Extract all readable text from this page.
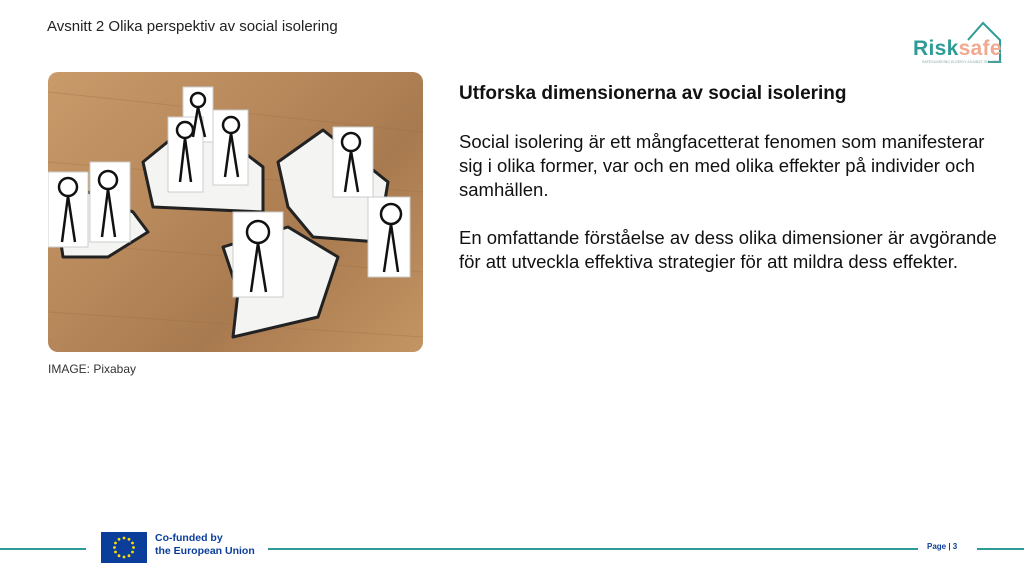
Avsnitt 2 Olika perspektiv av social isolering
Risksafe
SAFEGUARDING ELDERLY AGAINST ISOLATION
IMAGE: Pixabay
Utforska dimensionerna av social isolering

Social isolering är ett mångfacetterat fenomen som manifesterar sig i olika former, var och en med olika effekter på individer och samhällen.

En omfattande förståelse av dess olika dimensioner är avgörande för att utveckla effektiva strategier för att mildra dess effekter.

Co-funded by
the European Union	Page | 3
